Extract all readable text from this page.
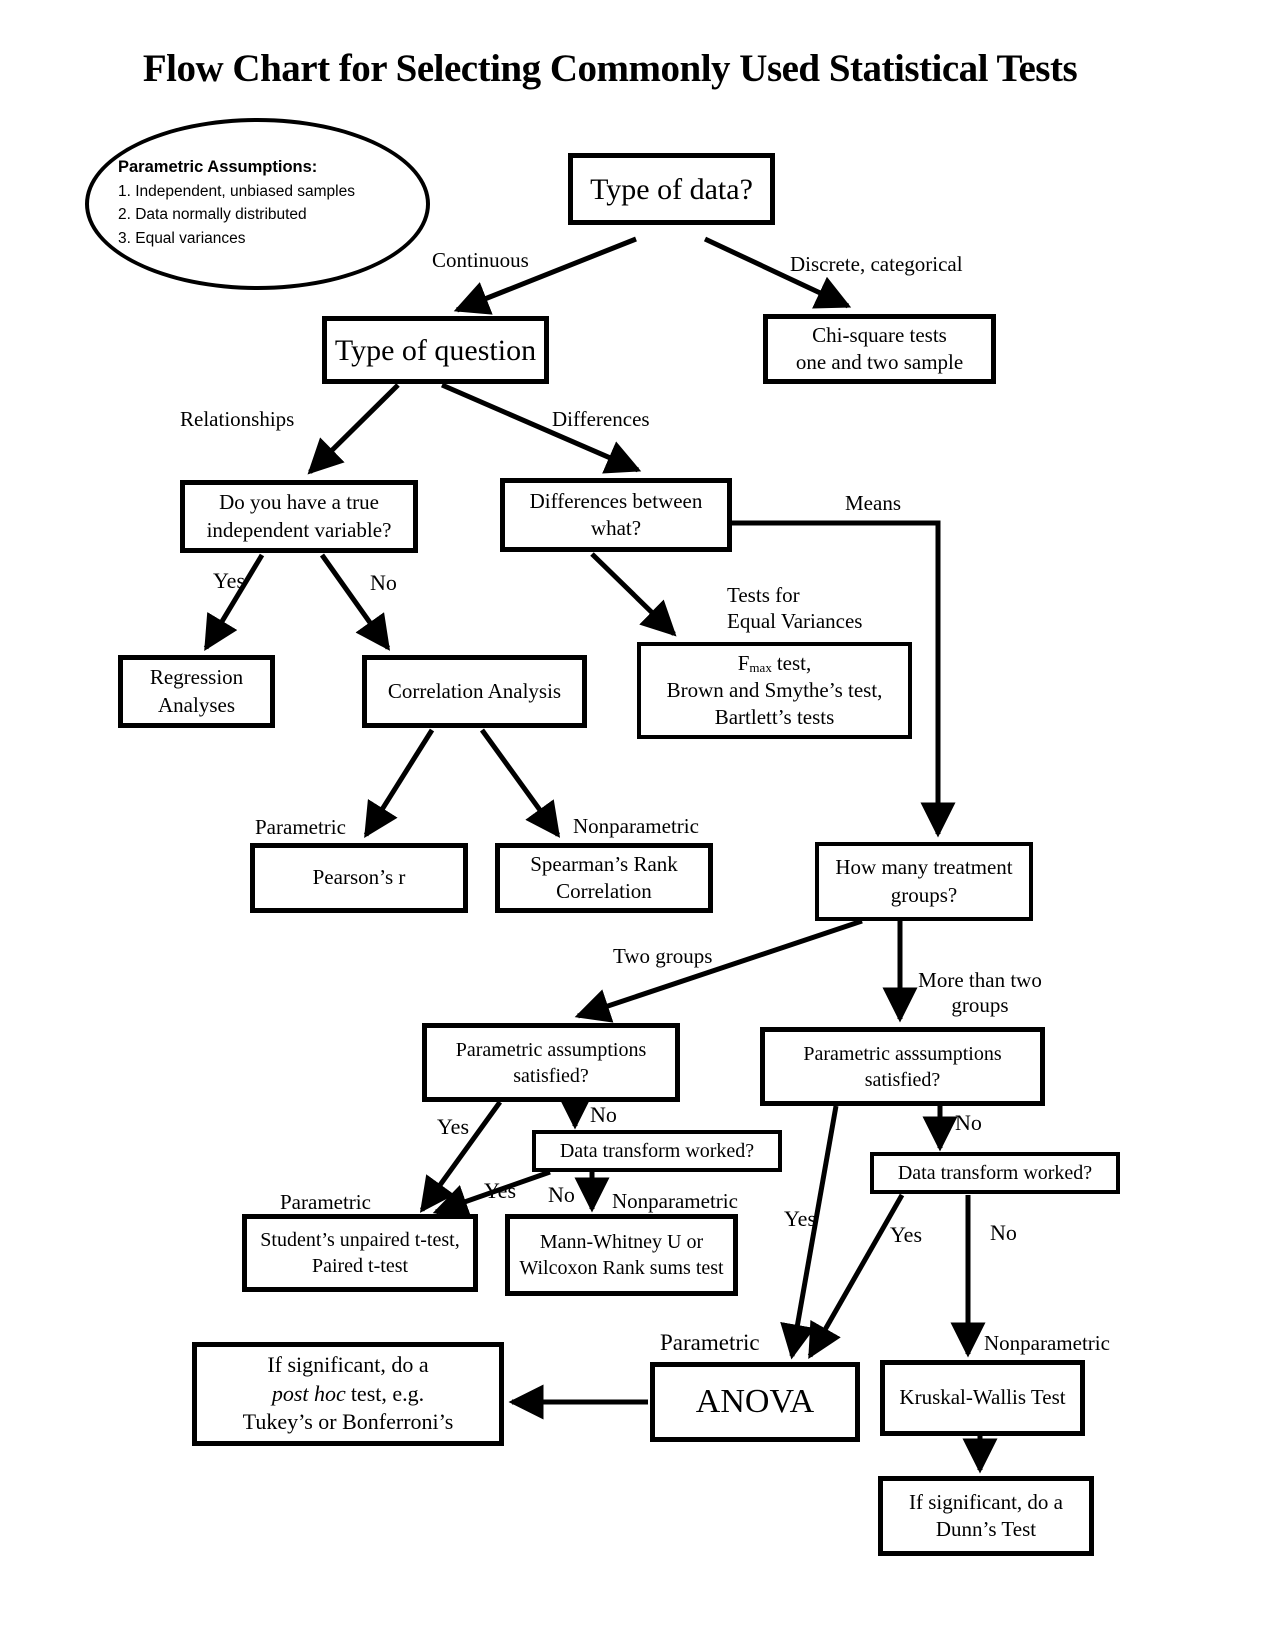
Flow Chart for Selecting Commonly Used Statistical Tests
Parametric Assumptions:
1. Independent, unbiased samples
2. Data normally distributed
3. Equal variances
Type of data?
Type of question	Chi-square tests
one and two sample
Do you have a true
independent variable?
Differences between
what?
Regression
Analyses
Correlation Analysis
Fmax test,
Brown and Smythe’s test,
Bartlett’s tests
Pearson’s r
Spearman’s Rank
Correlation
How many treatment
groups?
Parametric assumptions
satisfied?
Parametric asssumptions
satisfied?
Data transform worked?
Data transform worked?
Student’s unpaired t-test,
Paired t-test
Mann-Whitney U or
Wilcoxon Rank sums test
If significant, do a
post hoc test, e.g.
Tukey’s or Bonferroni’s
ANOVA	Kruskal-Wallis Test
If significant, do a
Dunn’s Test
Continuous	Discrete, categorical
Relationships	Differences
Yes	No
Means
Tests for
Equal Variances
Parametric	Nonparametric
Two groups
More than two
groups
Yes	No
Yes No Nonparametric
Parametric
Yes
No
Yes	No
Nonparametric
Parametric
